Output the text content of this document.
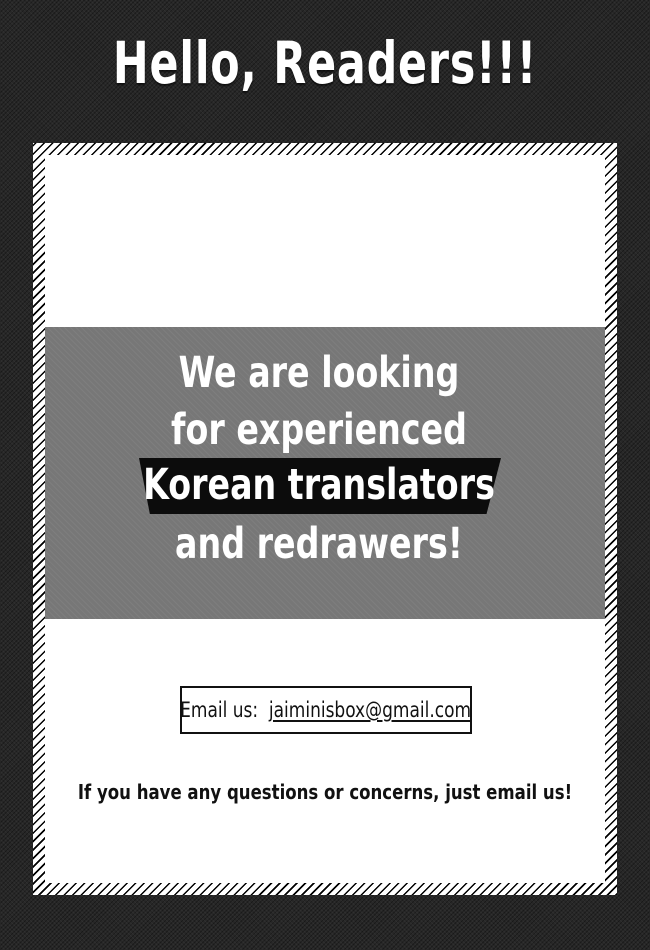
Hello, Readers!!!
We are looking
for experienced
and redrawers!
Korean translators
Email us: jaiminisbox@gmail.com
If you have any questions or concerns, just email us!
